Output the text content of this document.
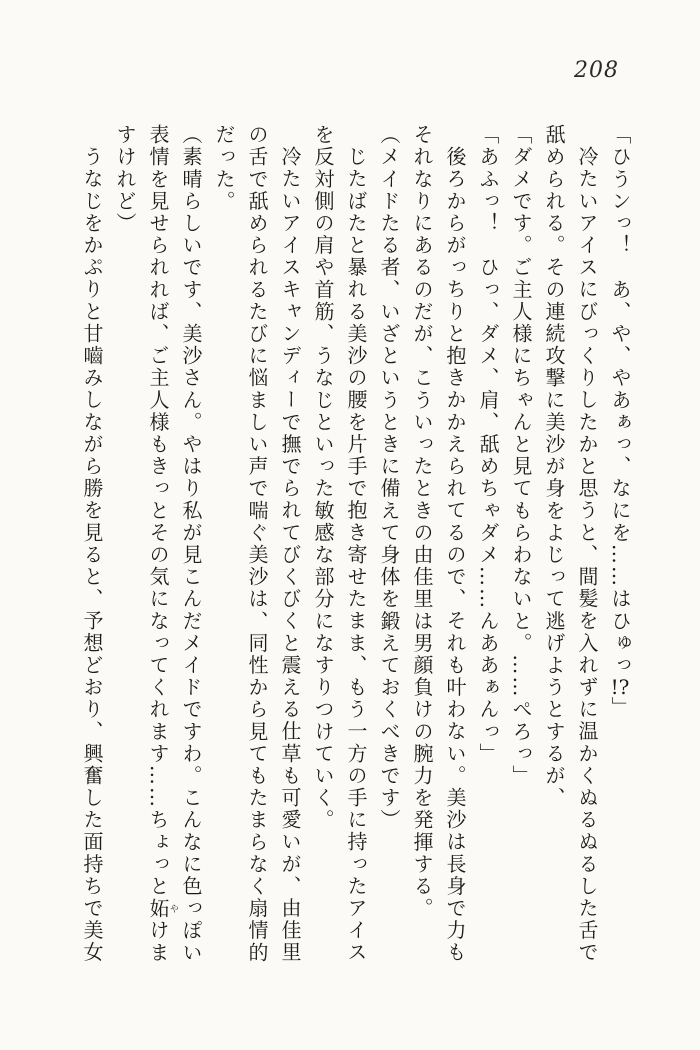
208

「ひうンっ！　あ、や、やあぁっ、なにを……はひゅっ!?」

冷たいアイスにびっくりしたかと思うと、間髪を入れずに温かくぬるぬるした舌で舐められる。その連続攻撃に美沙が身をよじって逃げようとするが、

「ダメです。ご主人様にちゃんと見てもらわないと。……ぺろっ」

「あふっ！　ひっ、ダメ、肩、舐めちゃダメ……んああぁんっ」

後ろからがっちりと抱きかかえられてるので、それも叶わない。美沙は長身で力もそれなりにあるのだが、こういったときの由佳里は男顔負けの腕力を発揮する。

（メイドたる者、いざというときに備えて身体を鍛えておくべきです）

じたばたと暴れる美沙の腰を片手で抱き寄せたまま、もう一方の手に持ったアイスを反対側の肩や首筋、うなじといった敏感な部分になすりつけていく。

冷たいアイスキャンディーで撫でられてびくびくと震える仕草も可愛いが、由佳里の舌で舐められるたびに悩ましい声で喘ぐ美沙は、同性から見てもたまらなく扇情的だった。

（素晴らしいです、美沙さん。やはり私が見こんだメイドですわ。こんなに色っぽい表情を見せられれば、ご主人様もきっとその気になってくれます……ちょっと妬やけますけれど）

うなじをかぷりと甘嚙みしながら勝を見ると、予想どおり、興奮した面持ちで美女
